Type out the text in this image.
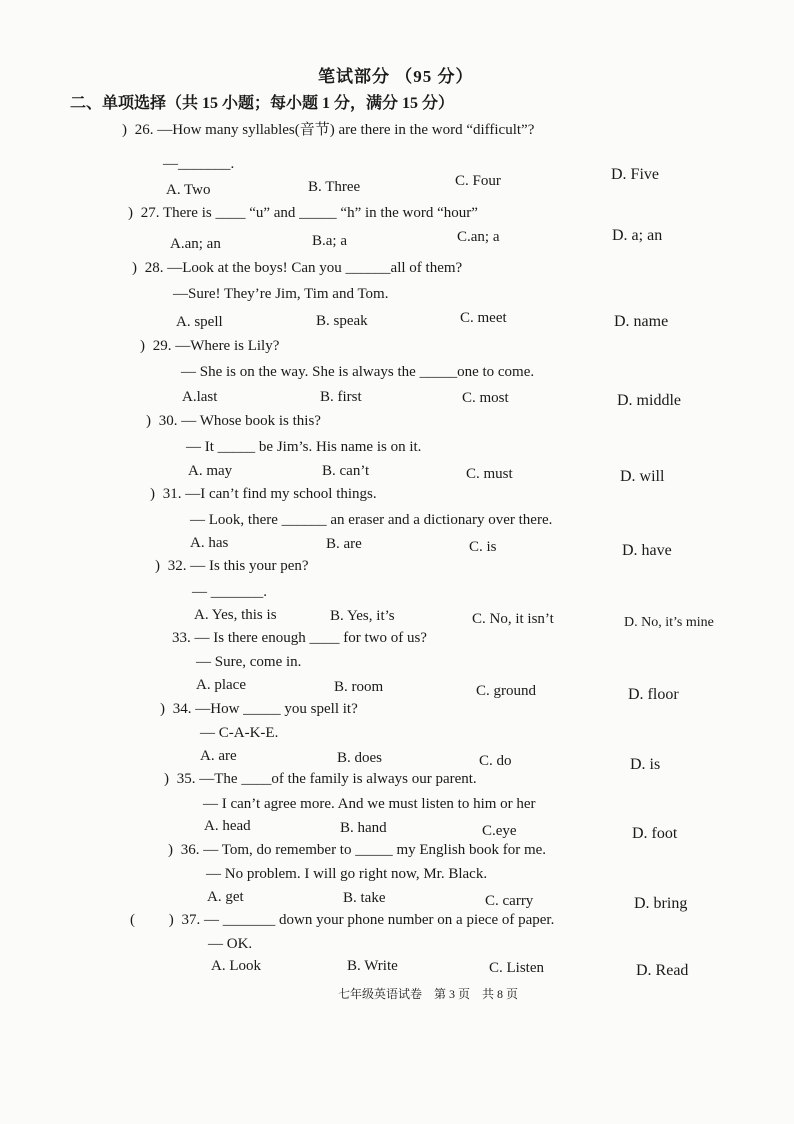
笔试部分 （95 分）
二、单项选择（共 15 小题；每小题 1 分，满分 15 分）
) 26. —How many syllables(音节) are there in the word “difficult”?
—_______.
A. Two	B. Three	C. Four	D. Five
) 27. There is ____ “u” and _____ “h” in the word “hour”
A.an; an	B.a; a	C.an; a	D. a; an
) 28. —Look at the boys! Can you ______all of them?
—Sure! They’re Jim, Tim and Tom.
A. spell	B. speak	C. meet	D. name
) 29. —Where is Lily?
— She is on the way. She is always the _____one to come.
A.last	B. first	C. most	D. middle
) 30. — Whose book is this?
— It _____ be Jim’s. His name is on it.
A. may	B. can’t	C. must	D. will
) 31. —I can’t find my school things.
— Look, there ______ an eraser and a dictionary over there.
A. has	B. are	C. is	D. have
) 32. — Is this your pen?
— _______.
A. Yes, this is	B. Yes, it’s	C. No, it isn’t	D. No, it’s mine
33. — Is there enough ____ for two of us?
— Sure, come in.
A. place	B. room	C. ground	D. floor
) 34. —How _____ you spell it?
— C-A-K-E.
A. are	B. does	C. do	D. is
) 35. —The ____of the family is always our parent.
— I can’t agree more. And we must listen to him or her
A. head	B. hand	C.eye	D. foot
) 36. — Tom, do remember to _____ my English book for me.
— No problem. I will go right now, Mr. Black.
A. get	B. take	C. carry	D. bring
( ) 37. — _______ down your phone number on a piece of paper.
— OK.
A. Look	B. Write	C. Listen	D. Read
七年级英语试卷　第 3 页　共 8 页
